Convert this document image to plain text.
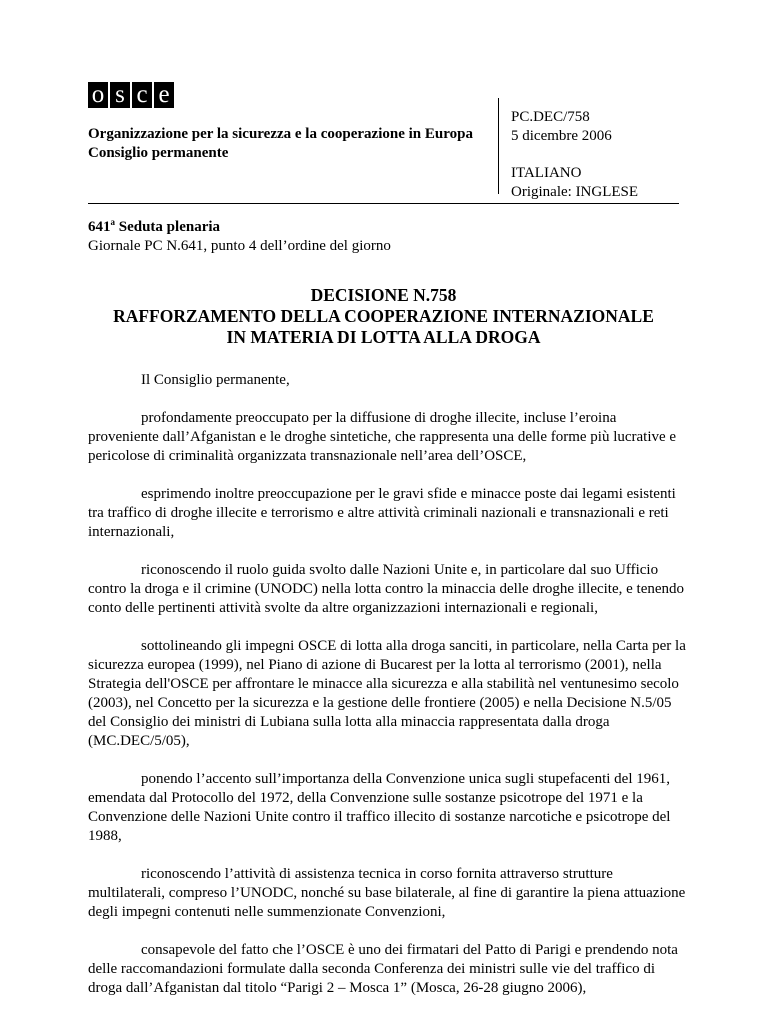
o s c e
Organizzazione per la sicurezza e la cooperazione in Europa
Consiglio permanente
PC.DEC/758
5 dicembre 2006
ITALIANO
Originale: INGLESE
641$^a$ Seduta plenaria
Giornale PC N.641, punto 4 dell’ordine del giorno
DECISIONE N.758
RAFFORZAMENTO DELLA COOPERAZIONE INTERNAZIONALE
IN MATERIA DI LOTTA ALLA DROGA

Il Consiglio permanente,

profondamente preoccupato per la diffusione di droghe illecite, incluse l’eroina proveniente dall’Afganistan e le droghe sintetiche, che rappresenta una delle forme più lucrative e pericolose di criminalità organizzata transnazionale nell’area dell’OSCE,

esprimendo inoltre preoccupazione per le gravi sfide e minacce poste dai legami esistenti tra traffico di droghe illecite e terrorismo e altre attività criminali nazionali e transnazionali e reti internazionali,

riconoscendo il ruolo guida svolto dalle Nazioni Unite e, in particolare dal suo Ufficio contro la droga e il crimine (UNODC) nella lotta contro la minaccia delle droghe illecite, e tenendo conto delle pertinenti attività svolte da altre organizzazioni internazionali e regionali,

sottolineando gli impegni OSCE di lotta alla droga sanciti, in particolare, nella Carta per la sicurezza europea (1999), nel Piano di azione di Bucarest per la lotta al terrorismo (2001), nella Strategia dell'OSCE per affrontare le minacce alla sicurezza e alla stabilità nel ventunesimo secolo (2003), nel Concetto per la sicurezza e la gestione delle frontiere (2005) e nella Decisione N.5/05 del Consiglio dei ministri di Lubiana sulla lotta alla minaccia rappresentata dalla droga (MC.DEC/5/05),

ponendo l’accento sull’importanza della Convenzione unica sugli stupefacenti del 1961, emendata dal Protocollo del 1972, della Convenzione sulle sostanze psicotrope del 1971 e la Convenzione delle Nazioni Unite contro il traffico illecito di sostanze narcotiche e psicotrope del 1988,

riconoscendo l’attività di assistenza tecnica in corso fornita attraverso strutture multilaterali, compreso l’UNODC, nonché su base bilaterale, al fine di garantire la piena attuazione degli impegni contenuti nelle summenzionate Convenzioni,

consapevole del fatto che l’OSCE è uno dei firmatari del Patto di Parigi e prendendo nota delle raccomandazioni formulate dalla seconda Conferenza dei ministri sulle vie del traffico di droga dall’Afganistan dal titolo “Parigi 2 – Mosca 1” (Mosca, 26-28 giugno 2006),
